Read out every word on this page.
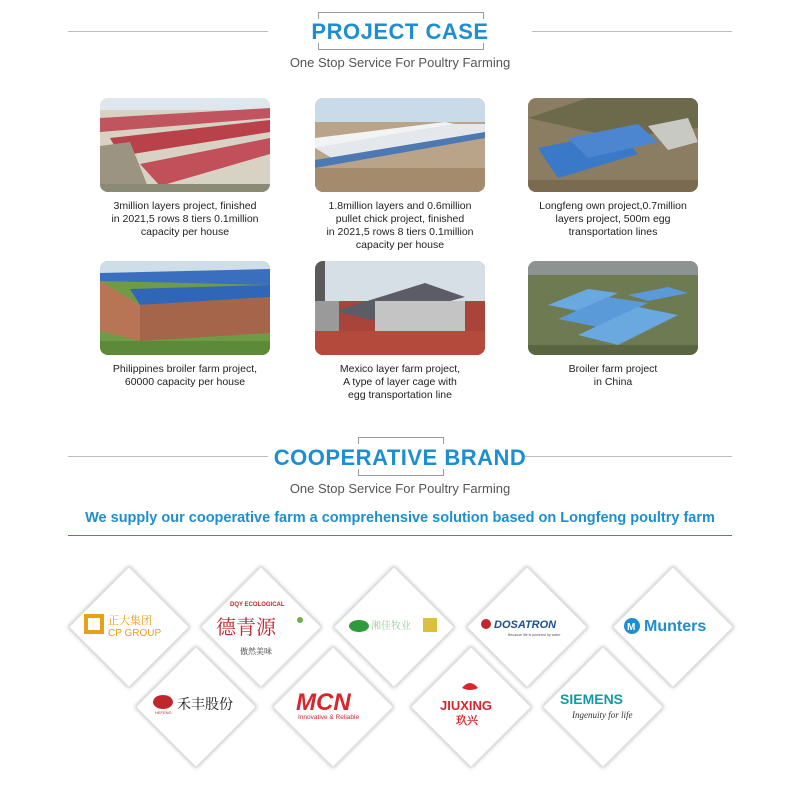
PROJECT CASE
One Stop Service For Poultry Farming
3million layers project, finished
in 2021,5 rows 8 tiers 0.1million
capacity per house
1.8million layers and 0.6million
pullet chick project, finished
in 2021,5 rows 8 tiers 0.1million
capacity per house
Longfeng own project,0.7million
layers project, 500m egg
transportation lines
Philippines broiler farm project,
60000 capacity per house
Mexico layer farm project,
A type of layer cage with
egg transportation line
Broiler farm project
in China
COOPERATIVE BRAND
One Stop Service For Poultry Farming
We supply our cooperative farm a comprehensive solution based on Longfeng poultry farm
正大集团
CP GROUP
DQY ECOLOGICAL
德青源
傲然美味
湘佳牧业	DOSATRON
Because life is powered by water
M Munters
HEFENG 禾丰股份	MCN
Innovative & Reliable
JIUXING
玖兴
SIEMENS
Ingenuity for life
